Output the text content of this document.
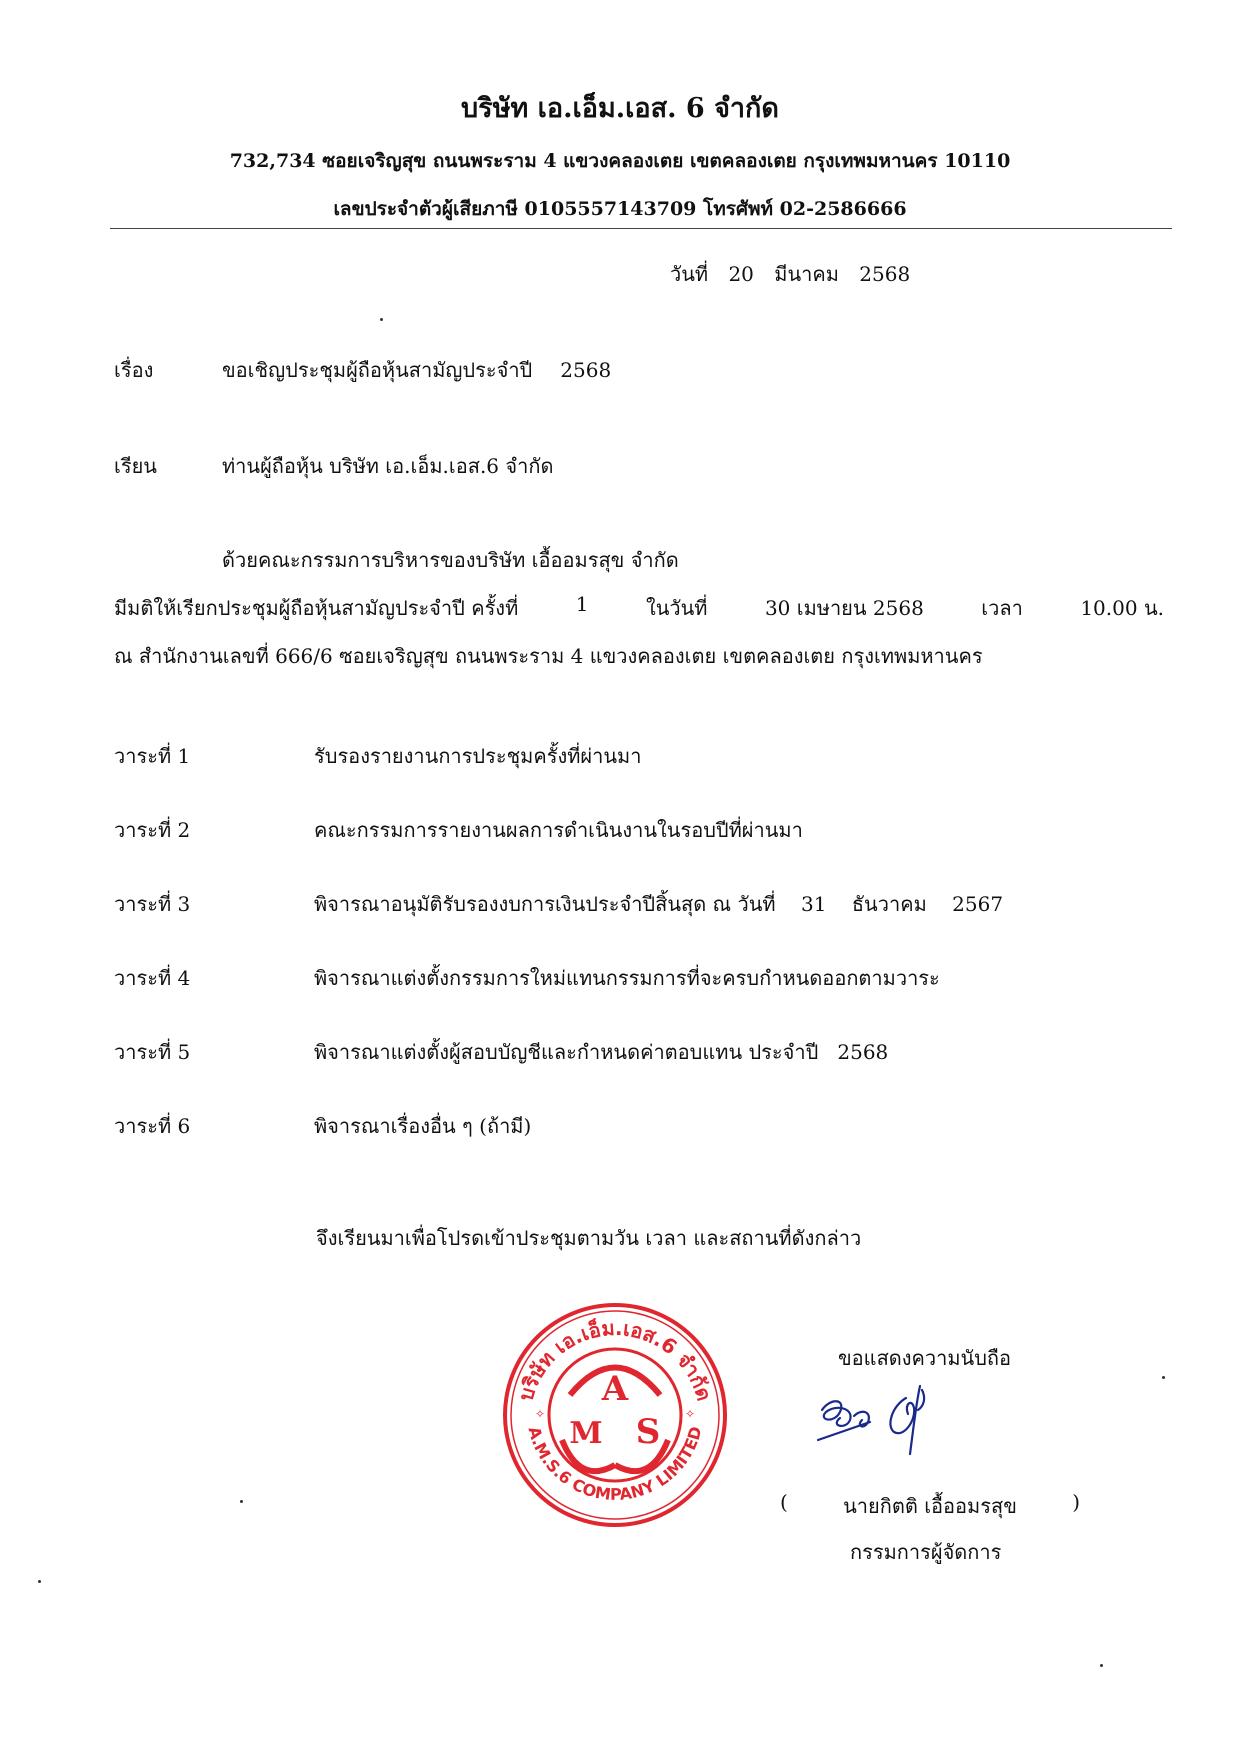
บริษัท เอ.เอ็ม.เอส. 6 จำกัด
732,734 ซอยเจริญสุข ถนนพระราม 4 แขวงคลองเตย เขตคลองเตย กรุงเทพมหานคร 10110
เลขประจำตัวผู้เสียภาษี 0105557143709 โทรศัพท์ 02-2586666
วันที่ 20 มีนาคม 2568
เรื่อง	ขอเชิญประชุมผู้ถือหุ้นสามัญประจำปี 2568
เรียน	ท่านผู้ถือหุ้น บริษัท เอ.เอ็ม.เอส.6 จำกัด
ด้วยคณะกรรมการบริหารของบริษัท เอื้ออมรสุข จำกัด
มีมติให้เรียกประชุมผู้ถือหุ้นสามัญประจำปี ครั้งที่	1	ในวันที่	30 เมษายน 2568	เวลา	10.00 น.
ณ สำนักงานเลขที่ 666/6 ซอยเจริญสุข ถนนพระราม 4 แขวงคลองเตย เขตคลองเตย กรุงเทพมหานคร
วาระที่ 1	รับรองรายงานการประชุมครั้งที่ผ่านมา
วาระที่ 2	คณะกรรมการรายงานผลการดำเนินงานในรอบปีที่ผ่านมา
วาระที่ 3	พิจารณาอนุมัติรับรองงบการเงินประจำปีสิ้นสุด ณ วันที่    31    ธันวาคม    2567
วาระที่ 4	พิจารณาแต่งตั้งกรรมการใหม่แทนกรรมการที่จะครบกำหนดออกตามวาระ
วาระที่ 5	พิจารณาแต่งตั้งผู้สอบบัญชีและกำหนดค่าตอบแทน ประจำปี   2568
วาระที่ 6	พิจารณาเรื่องอื่น ๆ (ถ้ามี)
จึงเรียนมาเพื่อโปรดเข้าประชุมตามวัน เวลา และสถานที่ดังกล่าว
บริษัท เอ.เอ็ม.เอส.6 จำกัด
A.M.S.6 COMPANY LIMITED
A
M S
✧	✧
ขอแสดงความนับถือ
(	นายกิตติ เอื้ออมรสุข	)
กรรมการผู้จัดการ
